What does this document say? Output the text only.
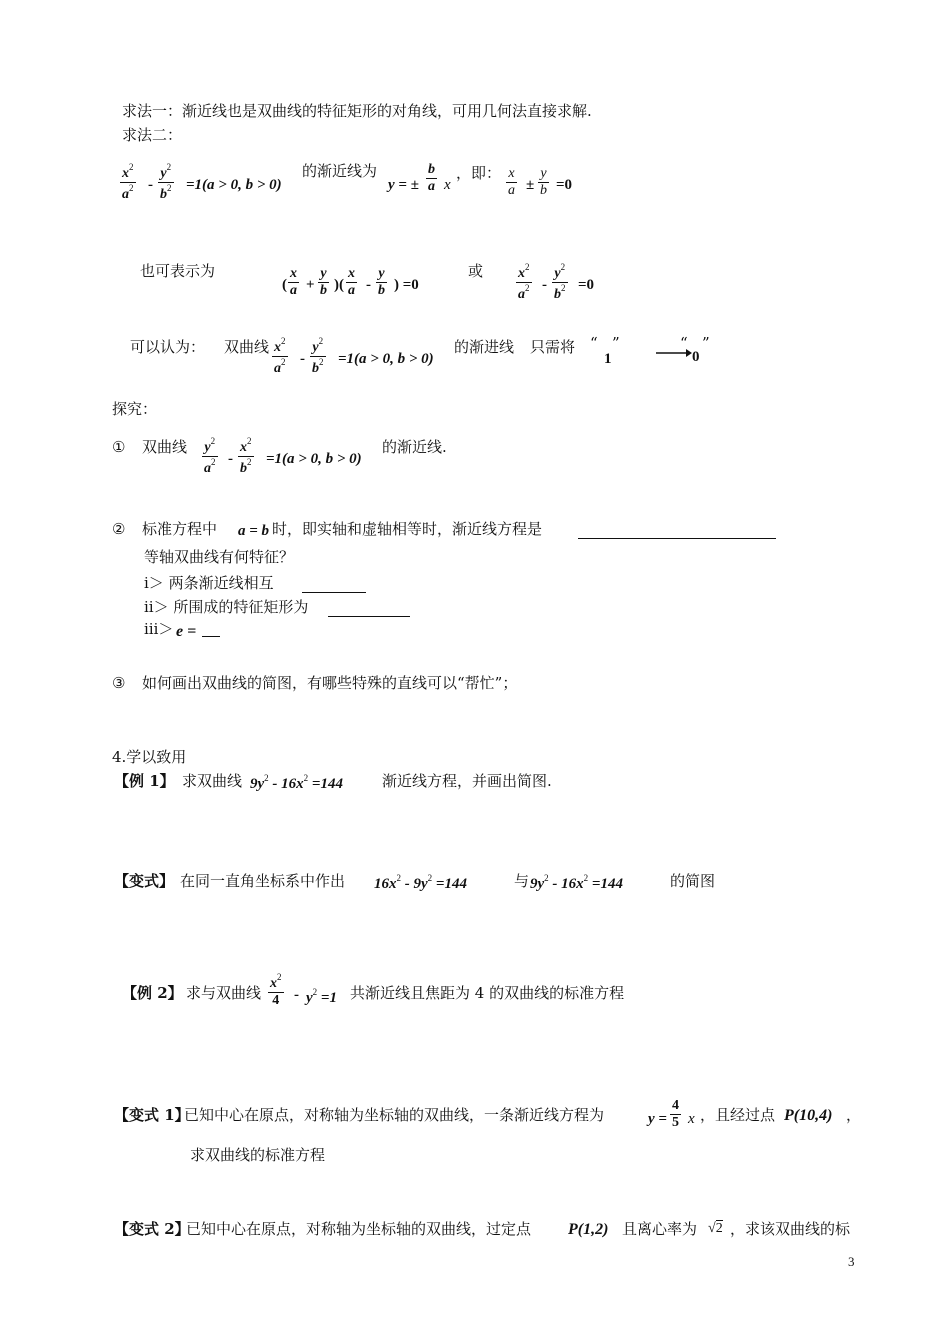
求法一：渐近线也是双曲线的特征矩形的对角线，可用几何法直接求解.
求法二：
$\frac{x^2}{a^2} - \frac{y^2}{b^2} =1(a > 0$, b > 0)
的渐近线为
y = ± $\frac{b}{a}$ x
，即： $\frac{x}{a} \pm \frac{y}{b} =0$
也可表示为
( $\frac{x}{a} + \frac{y}{b}$ )( $\frac{x}{a} - \frac{y}{b}$ ) =0
或 $\frac{x^2}{a^2} - \frac{y^2}{b^2} =0$
可以认为： 双曲线 $\frac{x^2}{a^2} - \frac{y^2}{b^2} =1(a > 0$, b > 0)
的渐进线 只需将 “   ”
1
“   ”
0
探究：
① 双曲线 $\frac{y^2}{a^2} - \frac{x^2}{b^2} =1(a > 0$, b > 0)
的渐近线.
② 标准方程中 a = b 时，即实轴和虚轴相等时，渐近线方程是
等轴双曲线有何特征？
ⅰ＞ 两条渐近线相互
ⅱ＞ 所围成的特征矩形为
ⅲ＞ e =
③ 如何画出双曲线的简图，有哪些特殊的直线可以“帮忙”；
4.学以致用
【例 1】 求双曲线 $9y^2 - 16x^2 =144$	渐近线方程，并画出简图.
【变式】 在同一直角坐标系中作出 $16x^2 - 9y^2 =144$	与 $9y^2 - 16x^2 =144$	的简图
【例 2】 求与双曲线 $\frac{x^2}{4} - y^2 =1$ 共渐近线且焦距为 4 的双曲线的标准方程
【变式 1】
已知中心在原点，对称轴为坐标轴的双曲线，一条渐近线方程为	$y = \frac{4}{5}$ x ，且经过点 P(10,4) ，
求双曲线的标准方程
【变式 2】
已知中心在原点，对称轴为坐标轴的双曲线，过定点 P(1,2) 且离心率为 √2 ，求该双曲线的标
3
